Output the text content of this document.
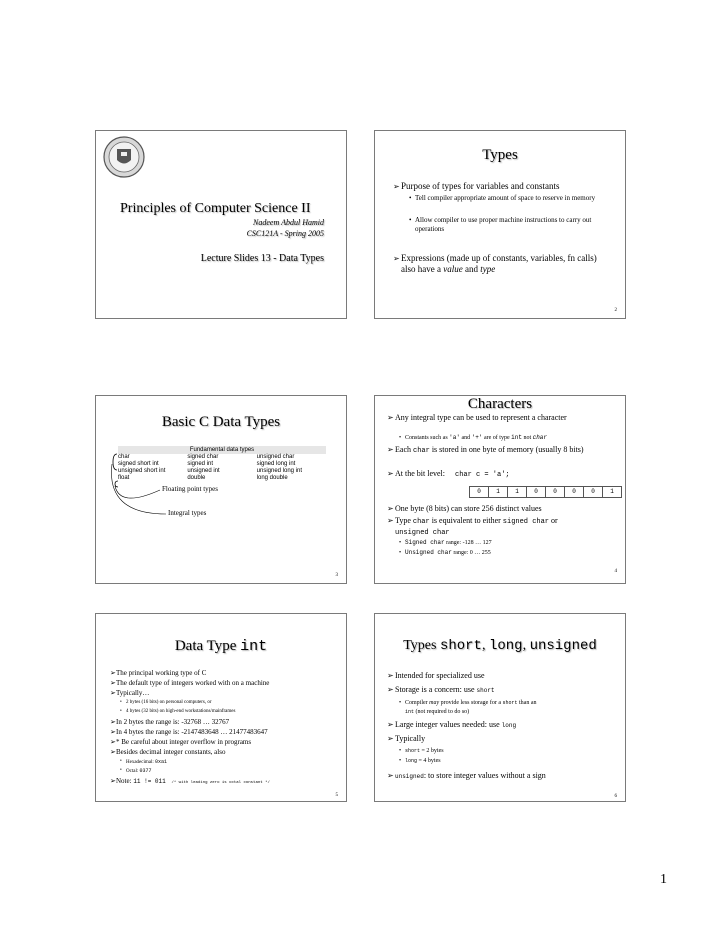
Principles of Computer Science II
Nadeem Abdul Hamid
CSC121A - Spring 2005
Lecture Slides 13 - Data Types
Types
➢ Purpose of types for variables and constants
• Tell compiler appropriate amount of space to reserve in memory
• Allow compiler to use proper machine instructions to carry out operations
➢ Expressions (made up of constants, variables, fn calls) also have a value and type
2
Basic C Data Types
Fundamental data types
char	signed char	unsigned char
signed short int	signed int	signed long int
unsigned short int	unsigned int	unsigned long int
float	double	long double
Floating point types
Integral types
3
Characters
➢ Any integral type can be used to represent a character
• Constants such as 'a' and '+' are of type int not char
➢ Each char is stored in one byte of memory (usually 8 bits)
➢ At the bit level: char c = 'a';
0	1	1	0	0	0	0	1
➢ One byte (8 bits) can store 256 distinct values
➢ Type char is equivalent to either signed char or
unsigned char
• Signed char range: -128 … 127
• Unsigned char range: 0 … 255
4
Data Type int
➢ The principal working type of C
➢ The default type of integers worked with on a machine
➢ Typically…
• 2 bytes (16 bits) on personal computers, or
• 4 bytes (32 bits) on high-end workstations/mainframes
➢ In 2 bytes the range is: -32768 … 32767
➢ In 4 bytes the range is: -2147483648 … 21477483647
➢ * Be careful about integer overflow in programs
➢ Besides decimal integer constants, also
• Hexadecimal: 0xa1
• Octal: 0377
➢ Note: 11 != 011 /* with leading zero is octal constant */
5
Types short, long, unsigned
➢ Intended for specialized use
➢ Storage is a concern: use short
• Compiler may provide less storage for a short than an
int (not required to do so)
➢ Large integer values needed: use long
➢ Typically
• short = 2 bytes
• long = 4 bytes
➢ unsigned: to store integer values without a sign
6
1
